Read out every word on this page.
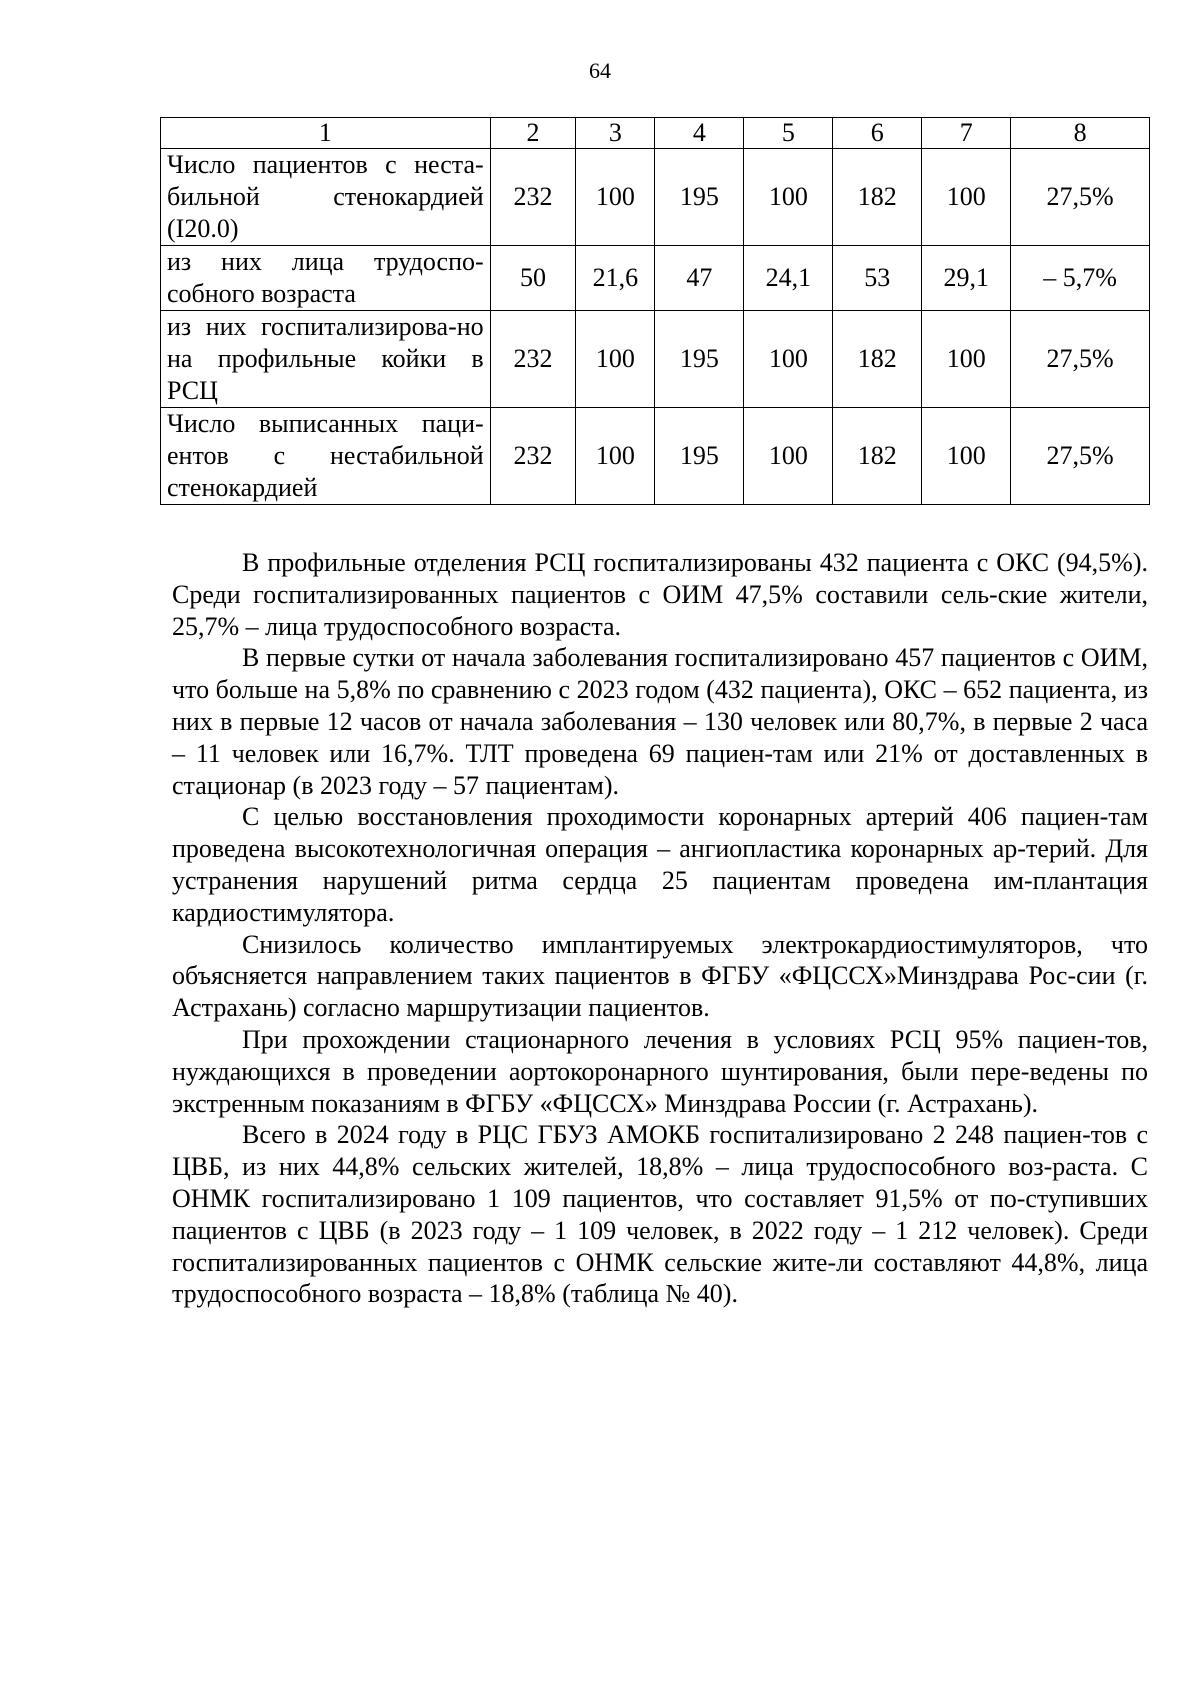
64
1	2	3	4	5	6	7	8
Число пациентов с неста-бильной стенокардией (I20.0)	232	100	195	100	182	100	27,5%
из них лица трудоспо-собного возраста	50	21,6	47	24,1	53	29,1	– 5,7%
из них госпитализирова-но на профильные койки в РСЦ	232	100	195	100	182	100	27,5%
Число выписанных паци-ентов с нестабильной стенокардией	232	100	195	100	182	100	27,5%

В профильные отделения РСЦ госпитализированы 432 пациента с ОКС (94,5%). Среди госпитализированных пациентов с ОИМ 47,5% составили сель-ские жители, 25,7% – лица трудоспособного возраста.

В первые сутки от начала заболевания госпитализировано 457 пациентов с ОИМ, что больше на 5,8% по сравнению с 2023 годом (432 пациента), ОКС – 652 пациента, из них в первые 12 часов от начала заболевания – 130 человек или 80,7%, в первые 2 часа – 11 человек или 16,7%. ТЛТ проведена 69 пациен-там или 21% от доставленных в стационар (в 2023 году – 57 пациентам).

С целью восстановления проходимости коронарных артерий 406 пациен-там проведена высокотехнологичная операция – ангиопластика коронарных ар-терий. Для устранения нарушений ритма сердца 25 пациентам проведена им-плантация кардиостимулятора.

Снизилось количество имплантируемых электрокардиостимуляторов, что объясняется направлением таких пациентов в ФГБУ «ФЦССХ»Минздрава Рос-сии (г. Астрахань) согласно маршрутизации пациентов.

При прохождении стационарного лечения в условиях РСЦ 95% пациен-тов, нуждающихся в проведении аортокоронарного шунтирования, были пере-ведены по экстренным показаниям в ФГБУ «ФЦССХ» Минздрава России (г. Астрахань).

Всего в 2024 году в РЦС ГБУЗ АМОКБ госпитализировано 2 248 пациен-тов с ЦВБ, из них 44,8% сельских жителей, 18,8% – лица трудоспособного воз-раста. С ОНМК госпитализировано 1 109 пациентов, что составляет 91,5% от по-ступивших пациентов с ЦВБ (в 2023 году – 1 109 человек, в 2022 году – 1 212 человек). Среди госпитализированных пациентов с ОНМК сельские жите-ли составляют 44,8%, лица трудоспособного возраста – 18,8% (таблица № 40).
